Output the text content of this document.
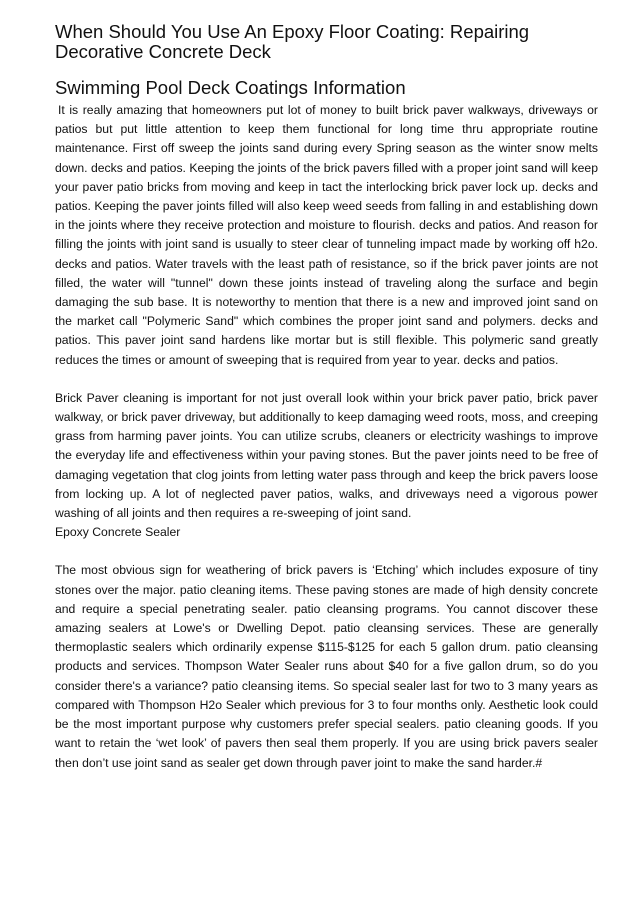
When Should You Use An Epoxy Floor Coating: Repairing Decorative Concrete Deck
Swimming Pool Deck Coatings Information

It is really amazing that homeowners put lot of money to built brick paver walkways, driveways or patios but put little attention to keep them functional for long time thru appropriate routine maintenance. First off sweep the joints sand during every Spring season as the winter snow melts down. decks and patios. Keeping the joints of the brick pavers filled with a proper joint sand will keep your paver patio bricks from moving and keep in tact the interlocking brick paver lock up. decks and patios. Keeping the paver joints filled will also keep weed seeds from falling in and establishing down in the joints where they receive protection and moisture to flourish. decks and patios. And reason for filling the joints with joint sand is usually to steer clear of tunneling impact made by working off h2o. decks and patios. Water travels with the least path of resistance, so if the brick paver joints are not filled, the water will "tunnel" down these joints instead of traveling along the surface and begin damaging the sub base. It is noteworthy to mention that there is a new and improved joint sand on the market call "Polymeric Sand" which combines the proper joint sand and polymers. decks and patios. This paver joint sand hardens like mortar but is still flexible. This polymeric sand greatly reduces the times or amount of sweeping that is required from year to year. decks and patios.

Brick Paver cleaning is important for not just overall look within your brick paver patio, brick paver walkway, or brick paver driveway, but additionally to keep damaging weed roots, moss, and creeping grass from harming paver joints. You can utilize scrubs, cleaners or electricity washings to improve the everyday life and effectiveness within your paving stones. But the paver joints need to be free of damaging vegetation that clog joints from letting water pass through and keep the brick pavers loose from locking up. A lot of neglected paver patios, walks, and driveways need a vigorous power washing of all joints and then requires a re-sweeping of joint sand.

Epoxy Concrete Sealer

The most obvious sign for weathering of brick pavers is ‘Etching’ which includes exposure of tiny stones over the major. patio cleaning items. These paving stones are made of high density concrete and require a special penetrating sealer. patio cleansing programs. You cannot discover these amazing sealers at Lowe's or Dwelling Depot. patio cleansing services. These are generally thermoplastic sealers which ordinarily expense $115-$125 for each 5 gallon drum. patio cleansing products and services. Thompson Water Sealer runs about $40 for a five gallon drum, so do you consider there's a variance? patio cleansing items. So special sealer last for two to 3 many years as compared with Thompson H2o Sealer which previous for 3 to four months only. Aesthetic look could be the most important purpose why customers prefer special sealers. patio cleaning goods. If you want to retain the ‘wet look’ of pavers then seal them properly. If you are using brick pavers sealer then don’t use joint sand as sealer get down through paver joint to make the sand harder.#
